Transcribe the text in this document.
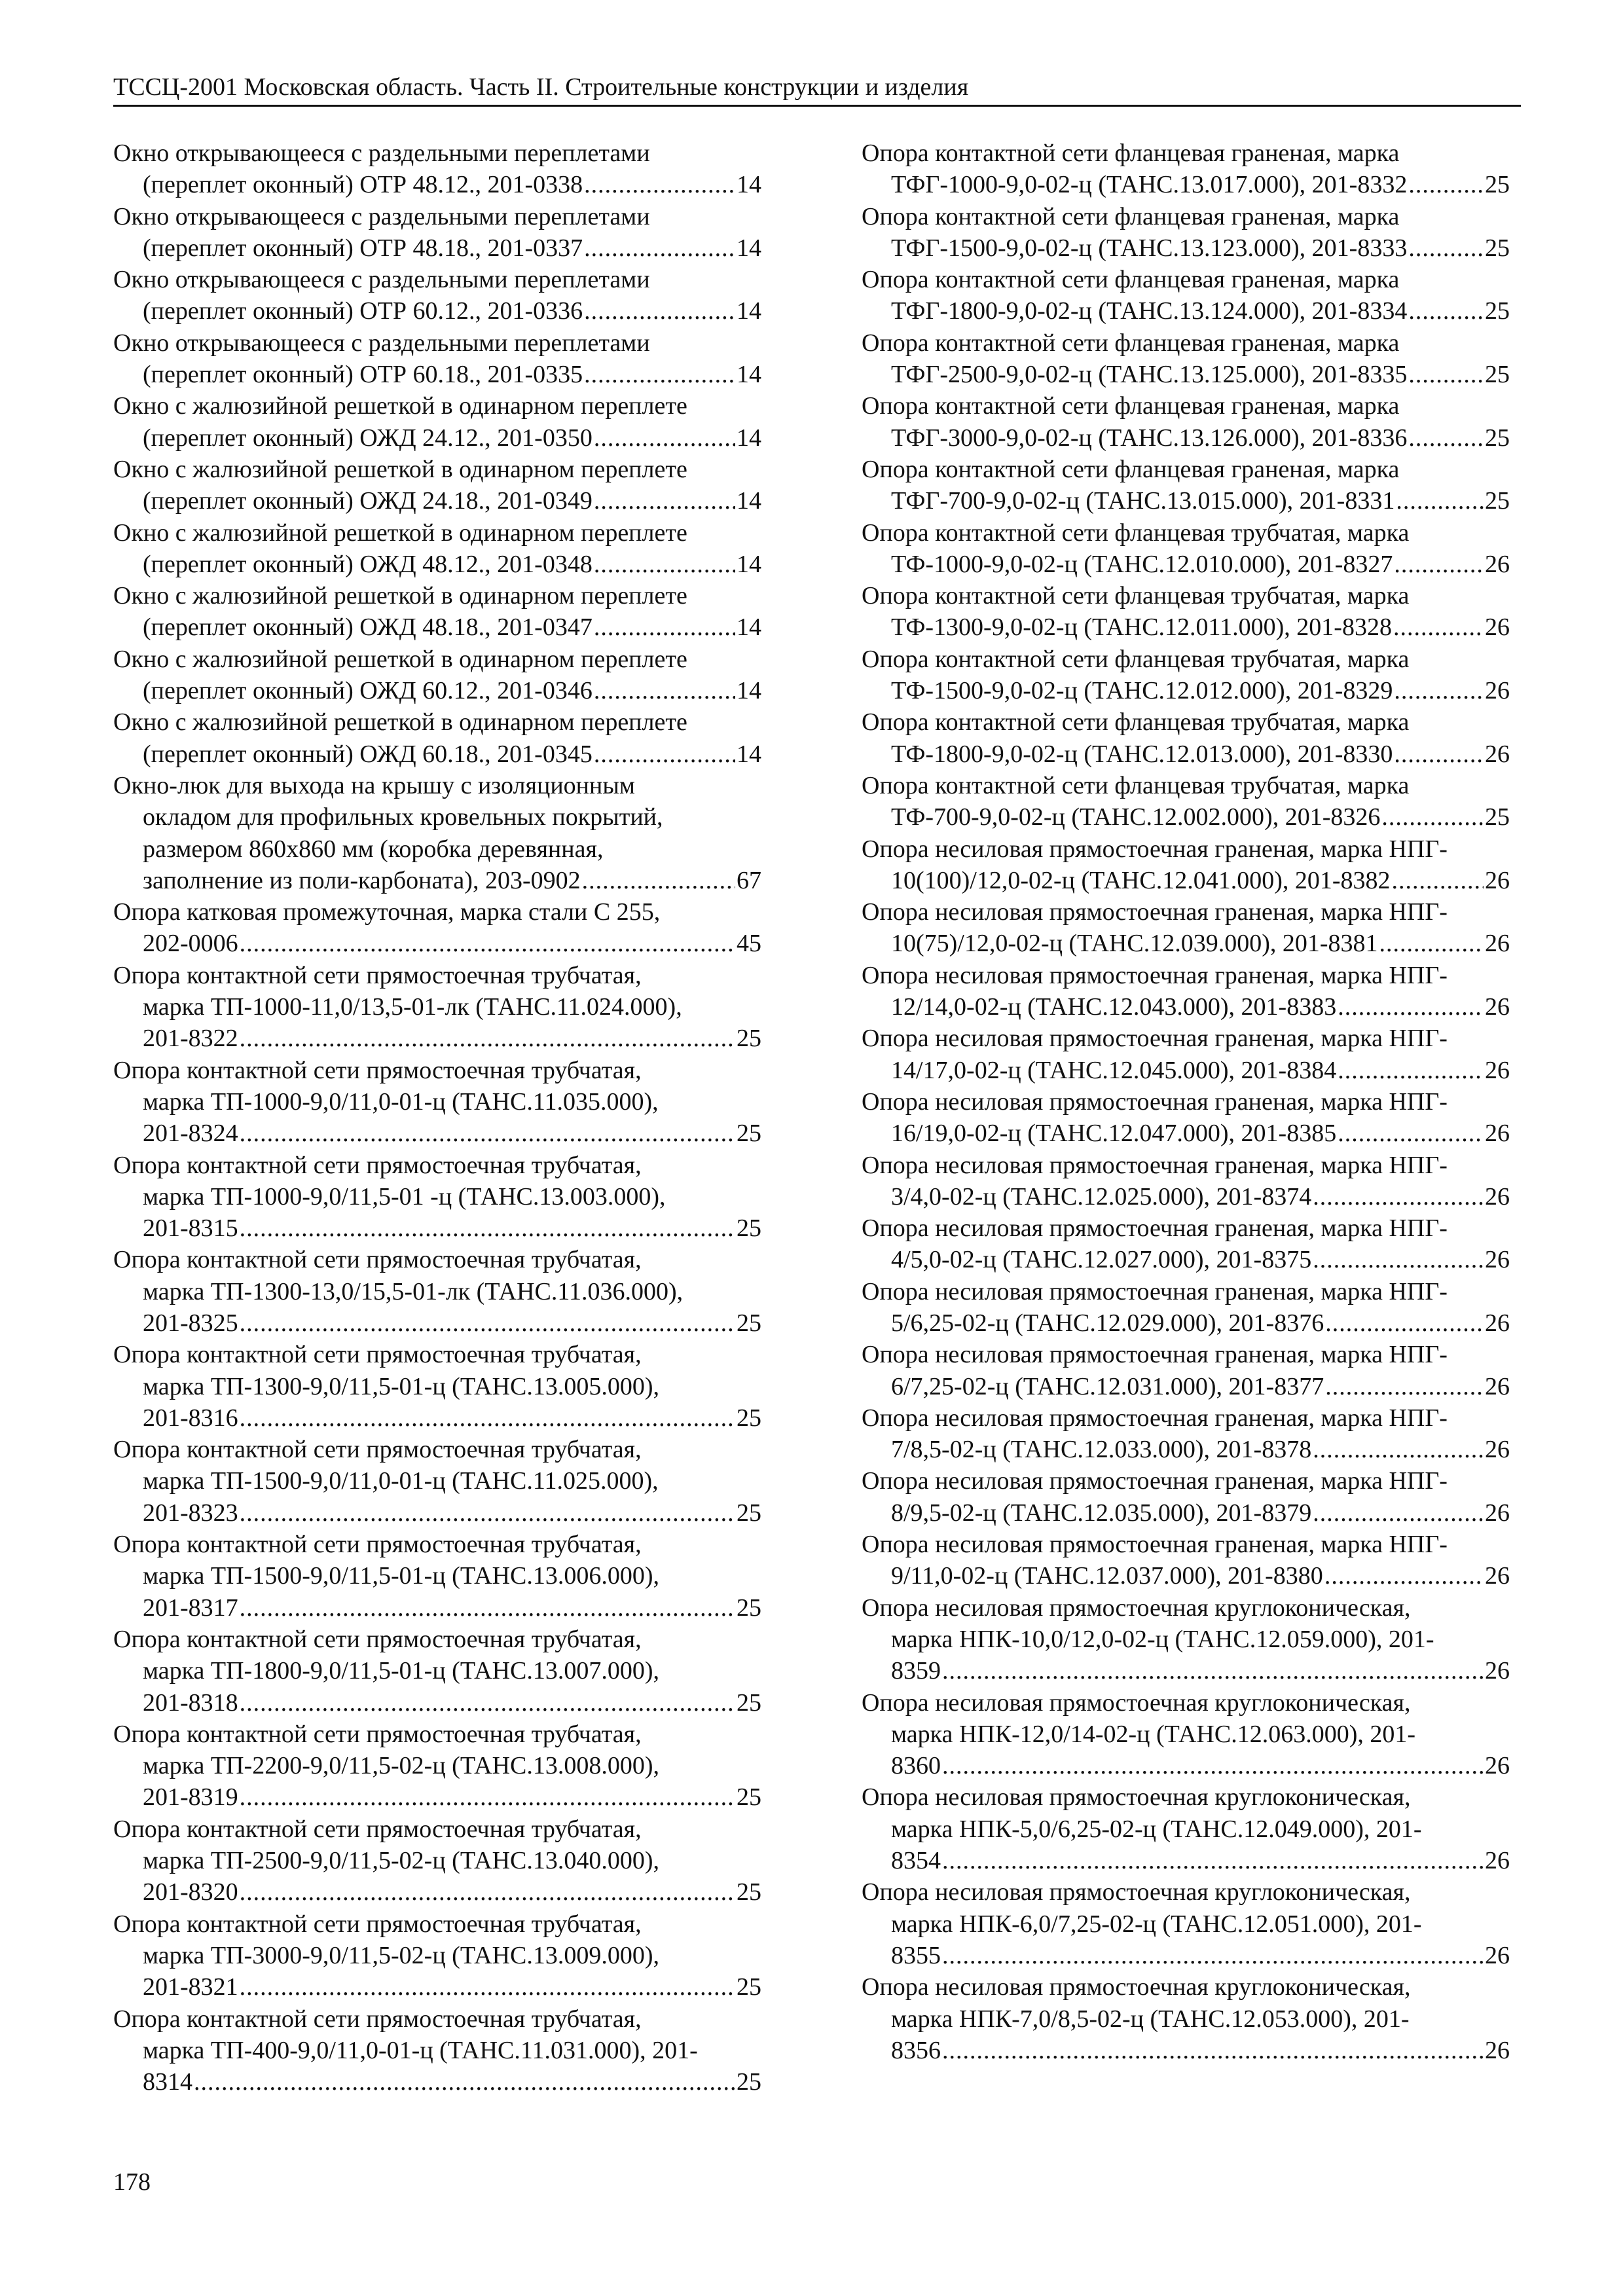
ТССЦ-2001 Московская область. Часть II. Строительные конструкции и изделия
Окно открывающееся с раздельными переплетами
(переплет оконный) ОТР 48.12., 201-0338 .....	14
Окно открывающееся с раздельными переплетами
(переплет оконный) ОТР 48.18., 201-0337 .....	14
Окно открывающееся с раздельными переплетами
(переплет оконный) ОТР 60.12., 201-0336 .....	14
Окно открывающееся с раздельными переплетами
(переплет оконный) ОТР 60.18., 201-0335 .....	14
Окно с жалюзийной решеткой в одинарном переплете
(переплет оконный) ОЖД 24.12., 201-0350 .....	14
Окно с жалюзийной решеткой в одинарном переплете
(переплет оконный) ОЖД 24.18., 201-0349 .....	14
Окно с жалюзийной решеткой в одинарном переплете
(переплет оконный) ОЖД 48.12., 201-0348 .....	14
Окно с жалюзийной решеткой в одинарном переплете
(переплет оконный) ОЖД 48.18., 201-0347 .....	14
Окно с жалюзийной решеткой в одинарном переплете
(переплет оконный) ОЖД 60.12., 201-0346 .....	14
Окно с жалюзийной решеткой в одинарном переплете
(переплет оконный) ОЖД 60.18., 201-0345 .....	14
Окно-люк для выхода на крышу с изоляционным
окладом для профильных кровельных покрытий,
размером 860х860 мм (коробка деревянная,
заполнение из поли-карбоната), 203-0902 .....	67
Опора катковая промежуточная, марка стали С 255,
202-0006 .....	45
Опора контактной сети прямостоечная трубчатая,
марка ТП-1000-11,0/13,5-01-лк (ТАНС.11.024.000),
201-8322 .....	25
Опора контактной сети прямостоечная трубчатая,
марка ТП-1000-9,0/11,0-01-ц (ТАНС.11.035.000),
201-8324 .....	25
Опора контактной сети прямостоечная трубчатая,
марка ТП-1000-9,0/11,5-01 -ц (ТАНС.13.003.000),
201-8315 .....	25
Опора контактной сети прямостоечная трубчатая,
марка ТП-1300-13,0/15,5-01-лк (ТАНС.11.036.000),
201-8325 .....	25
Опора контактной сети прямостоечная трубчатая,
марка ТП-1300-9,0/11,5-01-ц (ТАНС.13.005.000),
201-8316 .....	25
Опора контактной сети прямостоечная трубчатая,
марка ТП-1500-9,0/11,0-01-ц (ТАНС.11.025.000),
201-8323 .....	25
Опора контактной сети прямостоечная трубчатая,
марка ТП-1500-9,0/11,5-01-ц (ТАНС.13.006.000),
201-8317 .....	25
Опора контактной сети прямостоечная трубчатая,
марка ТП-1800-9,0/11,5-01-ц (ТАНС.13.007.000),
201-8318 .....	25
Опора контактной сети прямостоечная трубчатая,
марка ТП-2200-9,0/11,5-02-ц (ТАНС.13.008.000),
201-8319 .....	25
Опора контактной сети прямостоечная трубчатая,
марка ТП-2500-9,0/11,5-02-ц (ТАНС.13.040.000),
201-8320 .....	25
Опора контактной сети прямостоечная трубчатая,
марка ТП-3000-9,0/11,5-02-ц (ТАНС.13.009.000),
201-8321 .....	25
Опора контактной сети прямостоечная трубчатая,
марка ТП-400-9,0/11,0-01-ц (ТАНС.11.031.000), 201-
8314 .....	25
Опора контактной сети фланцевая граненая, марка
ТФГ-1000-9,0-02-ц (ТАНС.13.017.000), 201-8332 .....	25
Опора контактной сети фланцевая граненая, марка
ТФГ-1500-9,0-02-ц (ТАНС.13.123.000), 201-8333 .....	25
Опора контактной сети фланцевая граненая, марка
ТФГ-1800-9,0-02-ц (ТАНС.13.124.000), 201-8334 .....	25
Опора контактной сети фланцевая граненая, марка
ТФГ-2500-9,0-02-ц (ТАНС.13.125.000), 201-8335 .....	25
Опора контактной сети фланцевая граненая, марка
ТФГ-3000-9,0-02-ц (ТАНС.13.126.000), 201-8336 .....	25
Опора контактной сети фланцевая граненая, марка
ТФГ-700-9,0-02-ц (ТАНС.13.015.000), 201-8331 .....	25
Опора контактной сети фланцевая трубчатая, марка
ТФ-1000-9,0-02-ц (ТАНС.12.010.000), 201-8327 .....	26
Опора контактной сети фланцевая трубчатая, марка
ТФ-1300-9,0-02-ц (ТАНС.12.011.000), 201-8328 .....	26
Опора контактной сети фланцевая трубчатая, марка
ТФ-1500-9,0-02-ц (ТАНС.12.012.000), 201-8329 .....	26
Опора контактной сети фланцевая трубчатая, марка
ТФ-1800-9,0-02-ц (ТАНС.12.013.000), 201-8330 .....	26
Опора контактной сети фланцевая трубчатая, марка
ТФ-700-9,0-02-ц (ТАНС.12.002.000), 201-8326 .....	25
Опора несиловая прямостоечная граненая, марка НПГ-
10(100)/12,0-02-ц (ТАНС.12.041.000), 201-8382 .....	26
Опора несиловая прямостоечная граненая, марка НПГ-
10(75)/12,0-02-ц (ТАНС.12.039.000), 201-8381 .....	26
Опора несиловая прямостоечная граненая, марка НПГ-
12/14,0-02-ц (ТАНС.12.043.000), 201-8383 .....	26
Опора несиловая прямостоечная граненая, марка НПГ-
14/17,0-02-ц (ТАНС.12.045.000), 201-8384 .....	26
Опора несиловая прямостоечная граненая, марка НПГ-
16/19,0-02-ц (ТАНС.12.047.000), 201-8385 .....	26
Опора несиловая прямостоечная граненая, марка НПГ-
3/4,0-02-ц (ТАНС.12.025.000), 201-8374 .....	26
Опора несиловая прямостоечная граненая, марка НПГ-
4/5,0-02-ц (ТАНС.12.027.000), 201-8375 .....	26
Опора несиловая прямостоечная граненая, марка НПГ-
5/6,25-02-ц (ТАНС.12.029.000), 201-8376 .....	26
Опора несиловая прямостоечная граненая, марка НПГ-
6/7,25-02-ц (ТАНС.12.031.000), 201-8377 .....	26
Опора несиловая прямостоечная граненая, марка НПГ-
7/8,5-02-ц (ТАНС.12.033.000), 201-8378 .....	26
Опора несиловая прямостоечная граненая, марка НПГ-
8/9,5-02-ц (ТАНС.12.035.000), 201-8379 .....	26
Опора несиловая прямостоечная граненая, марка НПГ-
9/11,0-02-ц (ТАНС.12.037.000), 201-8380 .....	26
Опора несиловая прямостоечная круглоконическая,
марка НПК-10,0/12,0-02-ц (ТАНС.12.059.000), 201-
8359 .....	26
Опора несиловая прямостоечная круглоконическая,
марка НПК-12,0/14-02-ц (ТАНС.12.063.000), 201-
8360 .....	26
Опора несиловая прямостоечная круглоконическая,
марка НПК-5,0/6,25-02-ц (ТАНС.12.049.000), 201-
8354 .....	26
Опора несиловая прямостоечная круглоконическая,
марка НПК-6,0/7,25-02-ц (ТАНС.12.051.000), 201-
8355 .....	26
Опора несиловая прямостоечная круглоконическая,
марка НПК-7,0/8,5-02-ц (ТАНС.12.053.000), 201-
8356 .....	26
178
